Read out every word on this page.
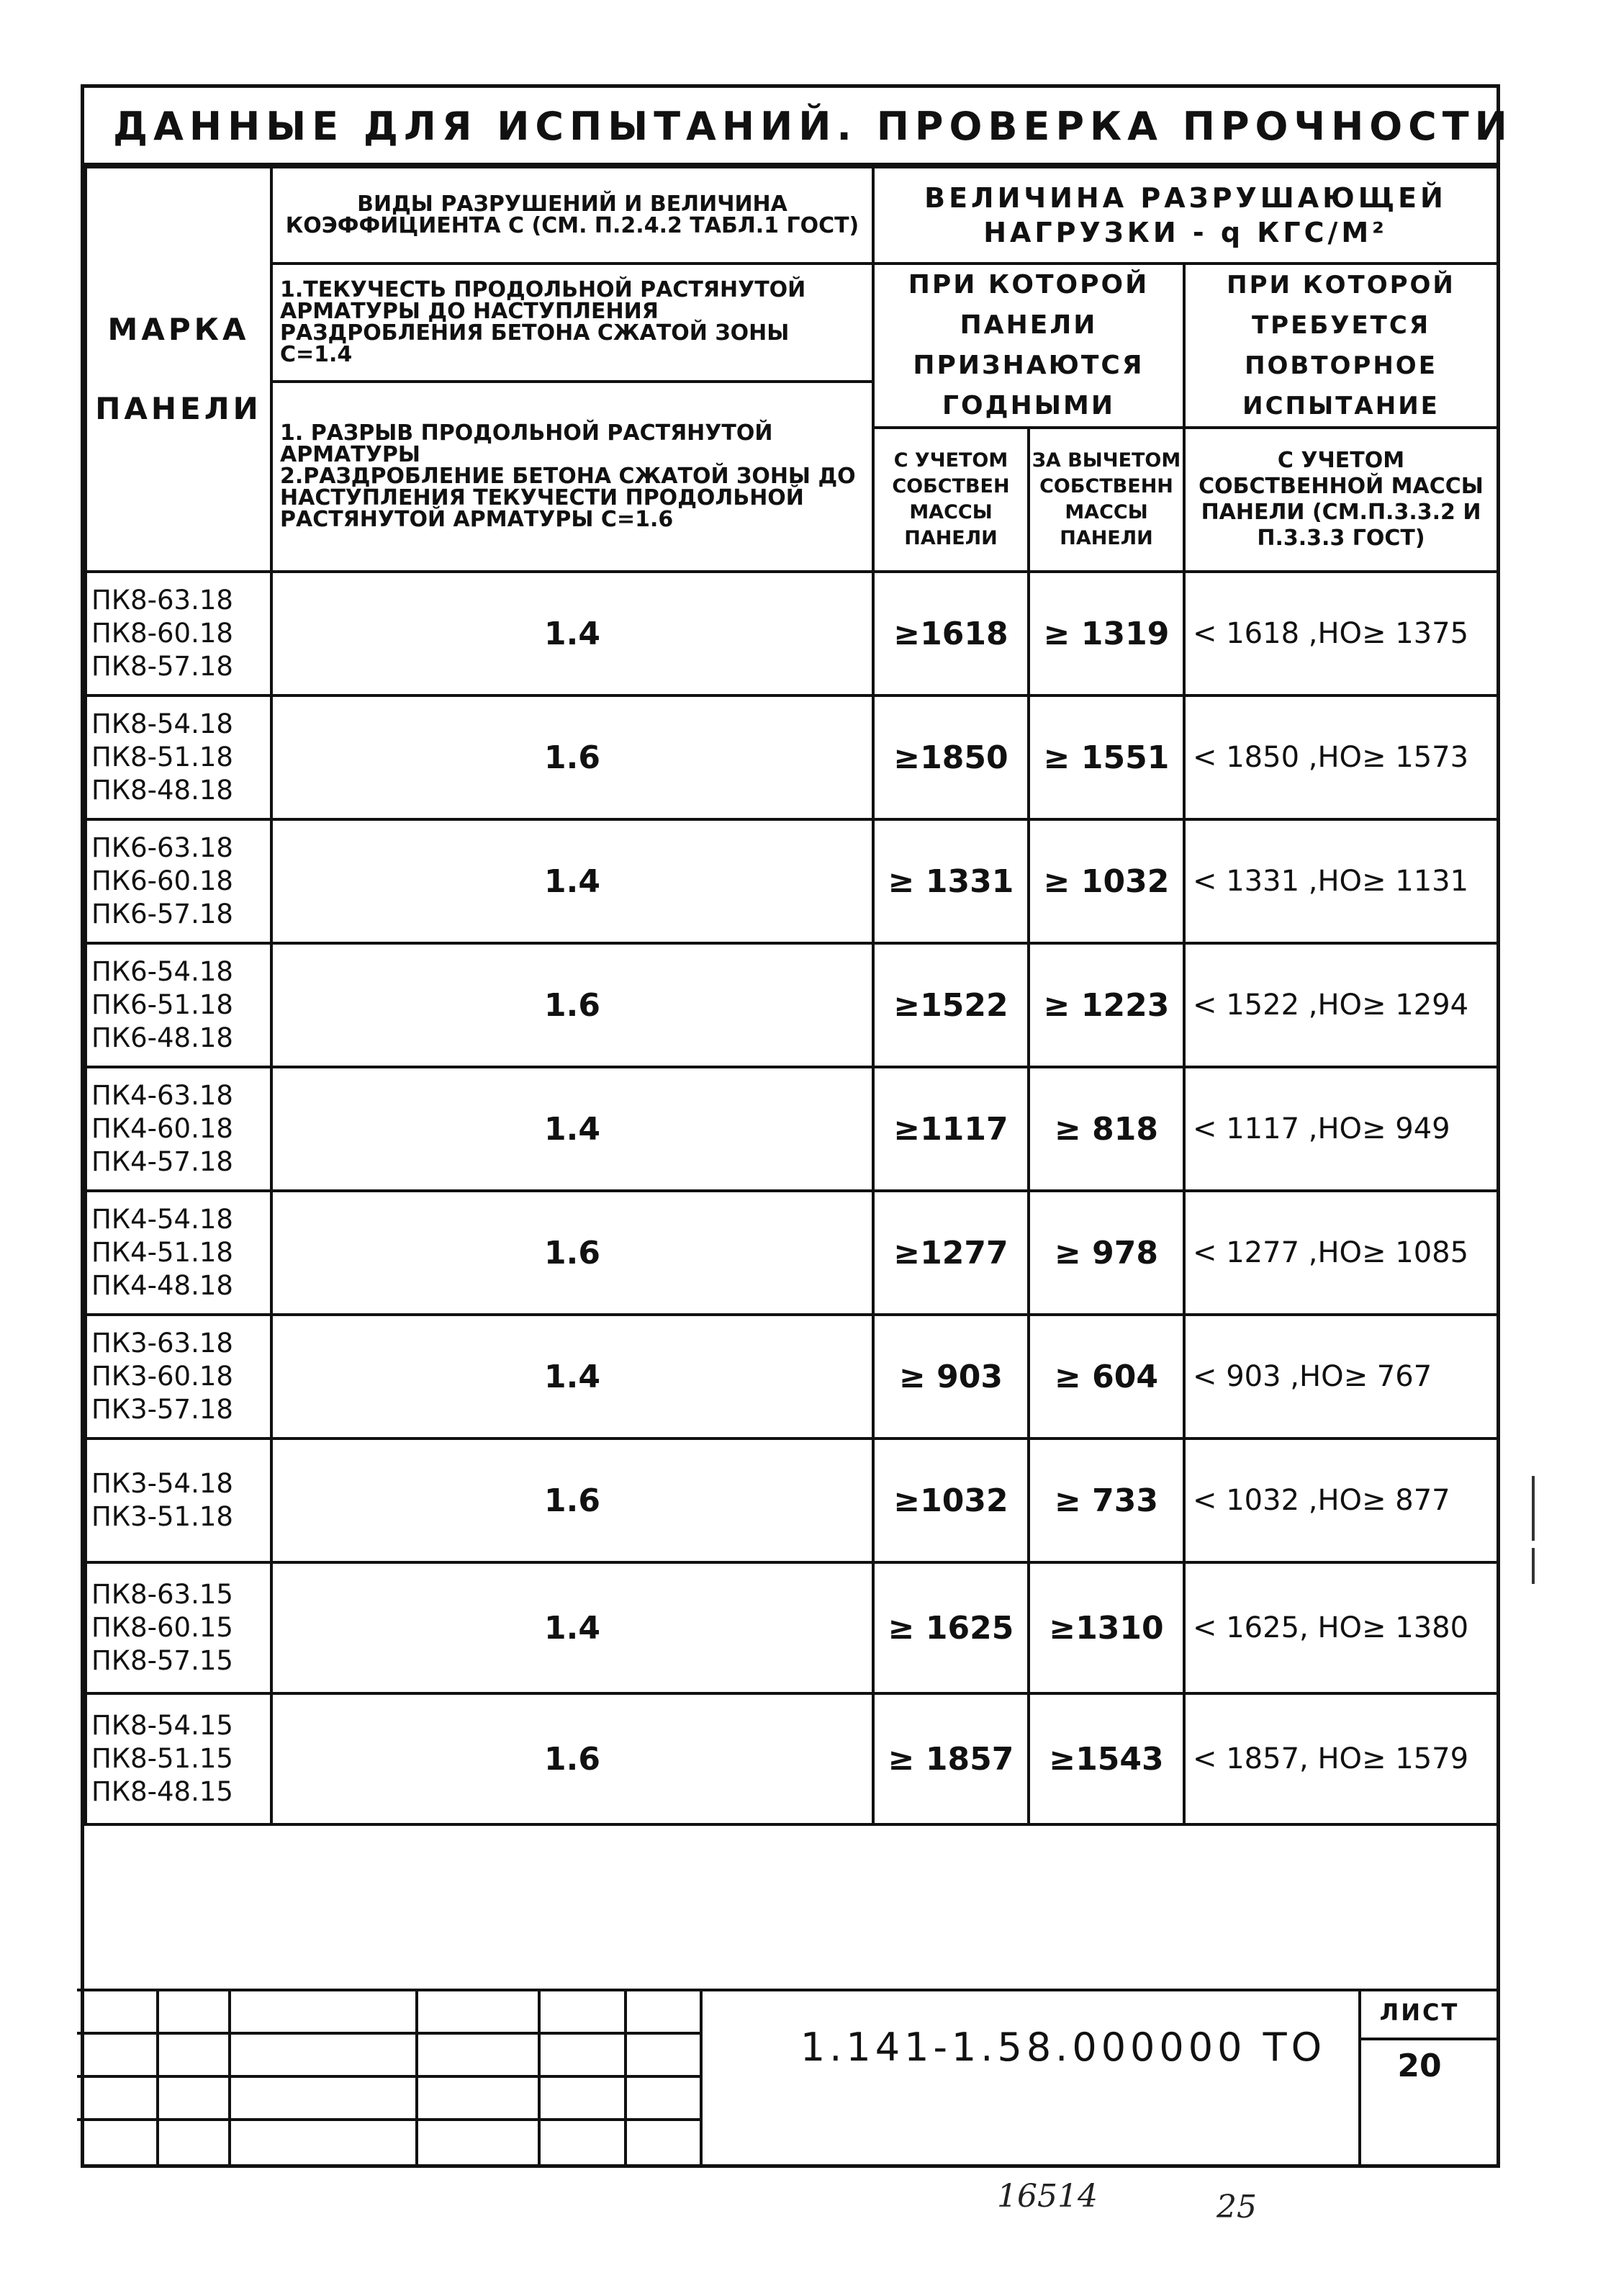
ДАННЫЕ ДЛЯ ИСПЫТАНИЙ. ПРОВЕРКА ПРОЧНОСТИ
МАРКА
ПАНЕЛИ	ВИДЫ РАЗРУШЕНИЙ И ВЕЛИЧИНА КОЭФФИЦИЕНТА С (СМ. П.2.4.2 ТАБЛ.1 ГОСТ)	ВЕЛИЧИНА РАЗРУШАЮЩЕЙ НАГРУЗКИ - q КГС/М²		
	1.ТЕКУЧЕСТЬ ПРОДОЛЬНОЙ РАСТЯНУТОЙ АРМАТУРЫ ДО НАСТУПЛЕНИЯ РАЗДРОБЛЕНИЯ БЕТОНА СЖАТОЙ ЗОНЫ С=1.4	ПРИ КОТОРОЙ ПАНЕЛИ ПРИЗНАЮТСЯ ГОДНЫМИ		ПРИ КОТОРОЙ ТРЕБУЕТСЯ ПОВТОРНОЕ ИСПЫТАНИЕ

	1. РАЗРЫВ ПРОДОЛЬНОЙ РАСТЯНУТОЙ АРМАТУРЫ
2.РАЗДРОБЛЕНИЕ БЕТОНА СЖАТОЙ ЗОНЫ ДО НАСТУПЛЕНИЯ ТЕКУЧЕСТИ ПРОДОЛЬНОЙ РАСТЯНУТОЙ АРМАТУРЫ С=1.6			

		С УЧЕТОМ СОБСТВЕН МАССЫ ПАНЕЛИ	ЗА ВЫЧЕТОМ СОБСТВЕНН МАССЫ ПАНЕЛИ	С УЧЕТОМ СОБСТВЕННОЙ МАССЫ ПАНЕЛИ (СМ.П.3.3.2 И П.3.3.3 ГОСТ)

ПК8-63.18
ПК8-60.18
ПК8-57.18	1.4	≥1618	≥ 1319	< 1618 ,НО≥ 1375

ПК8-54.18
ПК8-51.18
ПК8-48.18	1.6	≥1850	≥ 1551	< 1850 ,НО≥ 1573

ПК6-63.18
ПК6-60.18
ПК6-57.18	1.4	≥ 1331	≥ 1032	< 1331 ,НО≥ 1131

ПК6-54.18
ПК6-51.18
ПК6-48.18	1.6	≥1522	≥ 1223	< 1522 ,НО≥ 1294

ПК4-63.18
ПК4-60.18
ПК4-57.18	1.4	≥1117	≥ 818	< 1117 ,НО≥ 949

ПК4-54.18
ПК4-51.18
ПК4-48.18	1.6	≥1277	≥ 978	< 1277 ,НО≥ 1085

ПК3-63.18
ПК3-60.18
ПК3-57.18	1.4	≥ 903	≥ 604	< 903 ,НО≥ 767

ПК3-54.18
ПК3-51.18	1.6	≥1032	≥ 733	< 1032 ,НО≥ 877

ПК8-63.15
ПК8-60.15
ПК8-57.15	1.4	≥ 1625	≥1310	< 1625, НО≥ 1380

ПК8-54.15
ПК8-51.15
ПК8-48.15	1.6	≥ 1857	≥1543	< 1857, НО≥ 1579
1.141-1.58.000000 ТО
ЛИСТ
20
16514	25
